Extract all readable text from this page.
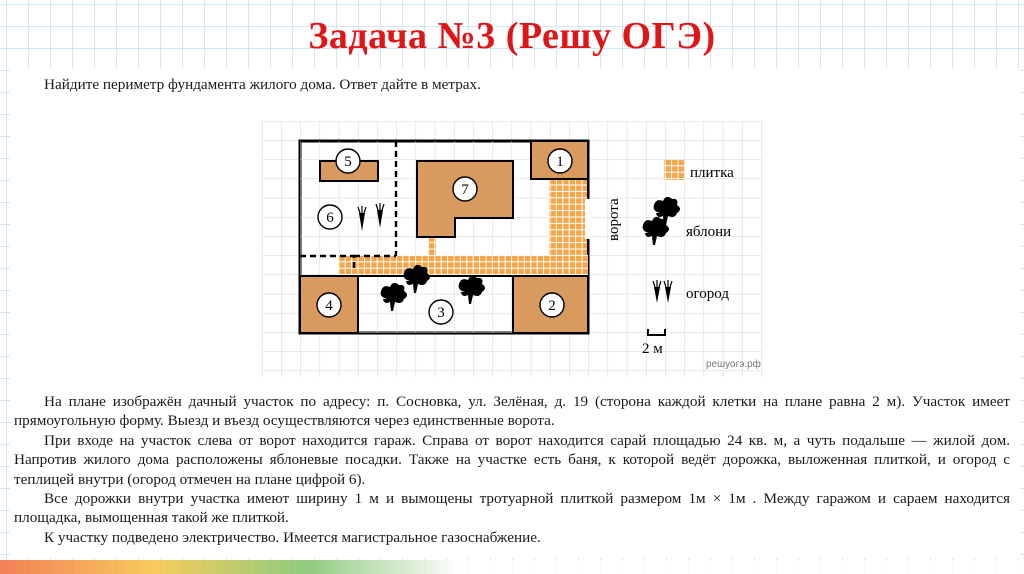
Задача №3 (Решу ОГЭ)
Найдите периметр фундамента жилого дома. Ответ дайте в метрах.
5	1
7
6
4	2
3
ворота
плитка
яблони
огород
2 м
решуогэ.рф

На плане изображён дачный участок по адресу: п. Сосновка, ул. Зелёная, д. 19 (сторона каждой клетки на плане равна 2 м). Участок имеет прямоугольную форму. Выезд и въезд осуществляются через единственные ворота.

При входе на участок слева от ворот находится гараж. Справа от ворот находится сарай площадью 24 кв. м, а чуть подальше — жилой дом. Напротив жилого дома расположены яблоневые посадки. Также на участке есть баня, к которой ведёт дорожка, выложенная плиткой, и огород с теплицей внутри (огород отмечен на плане цифрой 6).

Все дорожки внутри участка имеют ширину 1 м и вымощены тротуарной плиткой размером 1м × 1м . Между гаражом и сараем находится площадка, вымощенная такой же плиткой.

К участку подведено электричество. Имеется магистральное газоснабжение.
